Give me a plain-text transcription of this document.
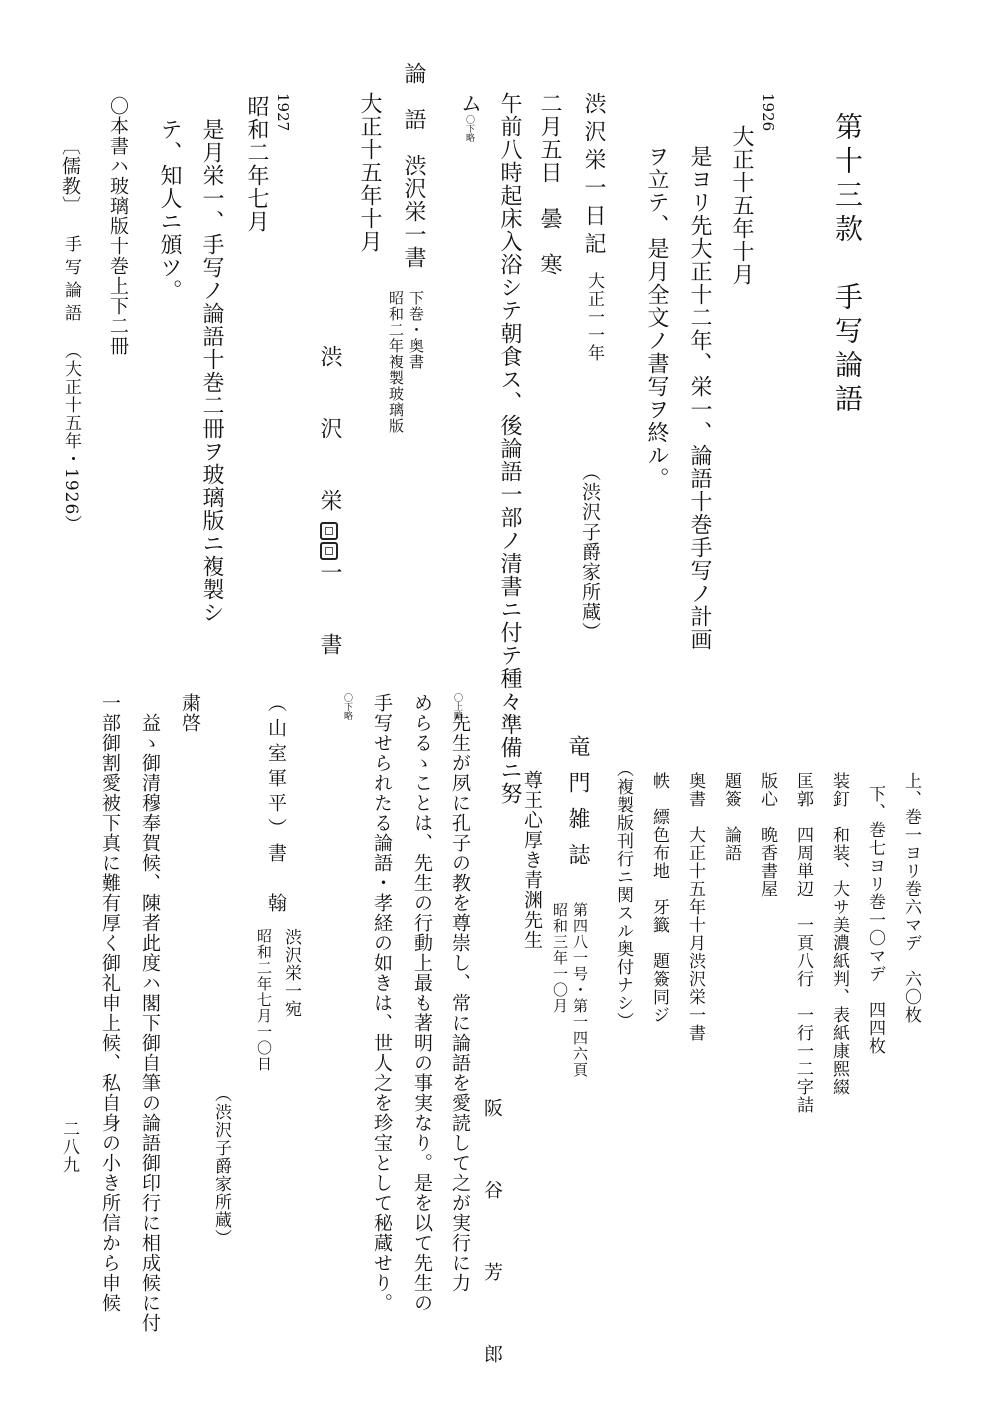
第十三款　手写論語
1926
大正十五年十月
是ヨリ先大正十二年、栄一、論語十巻手写ノ計画
ヲ立テ、是月全文ノ書写ヲ終ル。
渋沢栄一日記
大正一一年
（渋沢子爵家所蔵）
二月五日　曇　寒
午前八時起床入浴シテ朝食ス、後論語一部ノ清書ニ付テ種々準備ニ努
ム〇下略
論　語　渋沢栄一書
下巻・奥書
昭和二年複製玻璃版
大正十五年十月
渋　沢　栄　一　書
1927
昭和二年七月
是月栄一、手写ノ論語十巻二冊ヲ玻璃版ニ複製シ
テ、知人ニ頒ツ。
〇本書ハ玻璃版十巻上下二冊
〔儒教〕
手写論語
（大正十五年・1926）
上、巻一ヨリ巻六マデ　六〇枚
下、巻七ヨリ巻一〇マデ　四四枚
装釘　和装、大サ美濃紙判、表紙康熙綴
匡郭　四周単辺　一頁八行　一行一二字詰
版心　晩香書屋
題簽　論語
奥書　大正十五年十月渋沢栄一書
帙　縹色布地　牙籤　題簽同ジ
（複製版刊行ニ関スル奥付ナシ）
竜門雑誌
第四八一号・第一四六頁
昭和三年一〇月
尊王心厚き青渊先生
阪　谷　芳　郎
〇上略
先生が夙に孔子の教を尊崇し、常に論語を愛読して之が実行に力
めらるゝことは、先生の行動上最も著明の事実なり。是を以て先生の
手写せられたる論語・孝経の如きは、世人之を珍宝として秘蔵せり。
〇下略
（山室軍平）書　翰
渋沢栄一宛
昭和二年七月一〇日
（渋沢子爵家所蔵）
粛啓
益ゝ御清穆奉賀候、陳者此度ハ閣下御自筆の論語御印行に相成候に付
一部御割愛被下真に難有厚く御礼申上候、私自身の小き所信から申候
二八九
